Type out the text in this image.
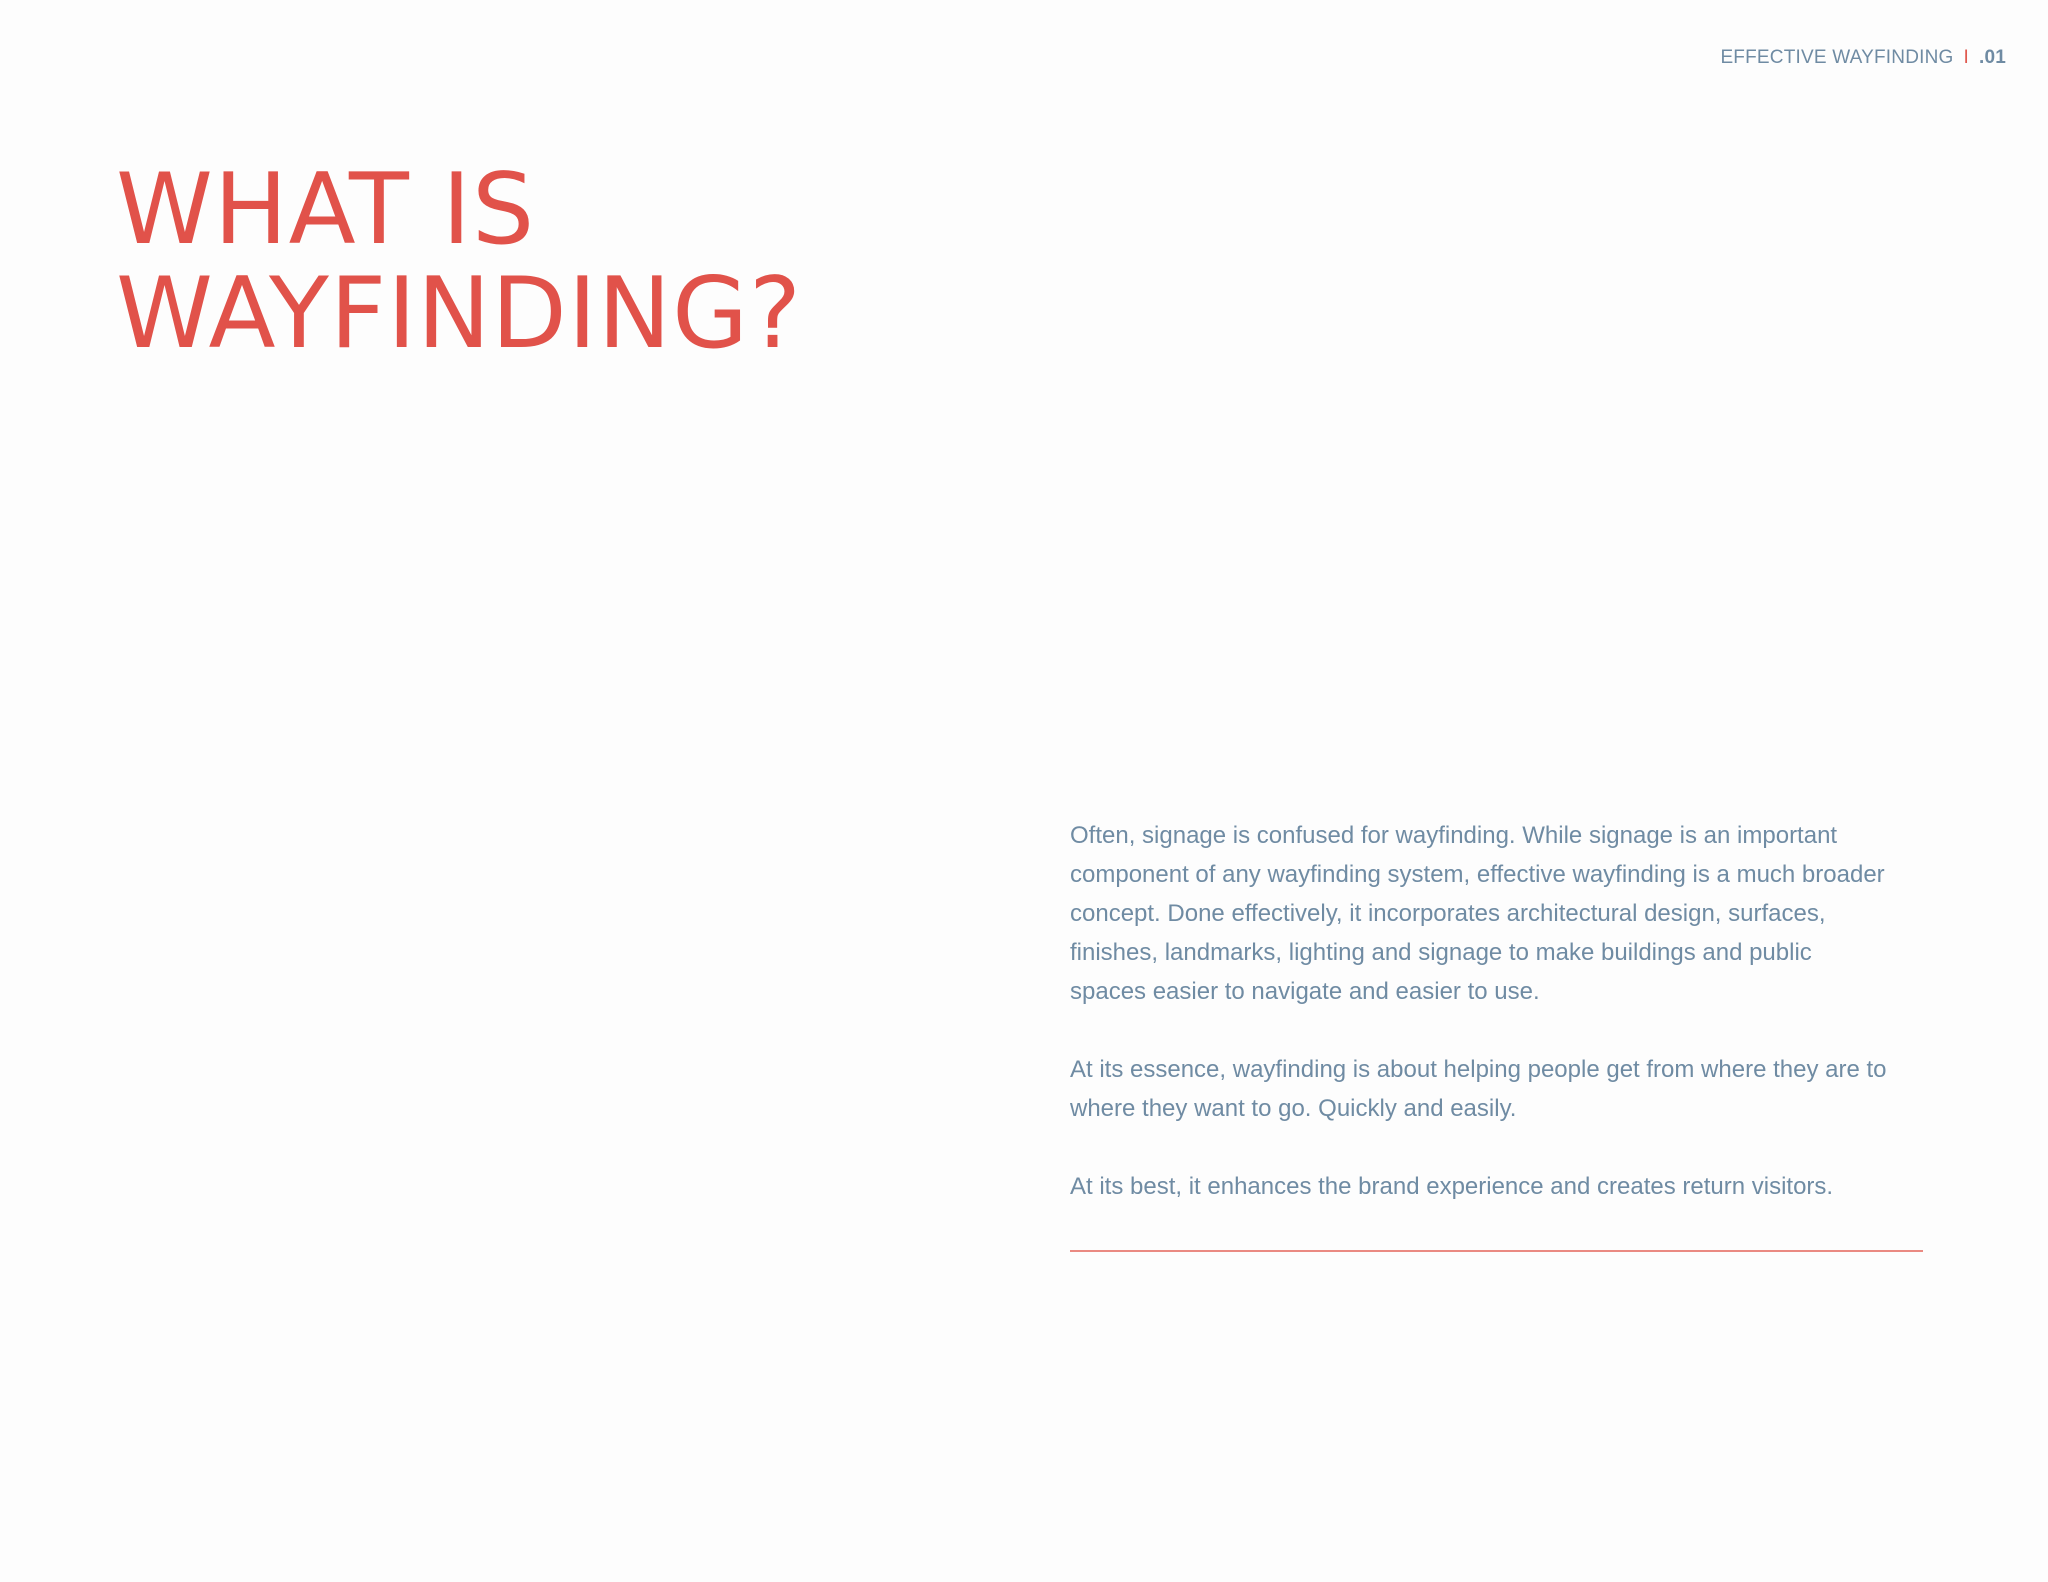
EFFECTIVE WAYFINDING I .01
WHAT IS
WAYFINDING?

Often, signage is confused for wayfinding. While signage is an important component of any wayfinding system, effective wayfinding is a much broader concept. Done effectively, it incorporates architectural design, surfaces, finishes, landmarks, lighting and signage to make buildings and public spaces easier to navigate and easier to use.

At its essence, wayfinding is about helping people get from where they are to where they want to go. Quickly and easily.

At its best, it enhances the brand experience and creates return visitors.
